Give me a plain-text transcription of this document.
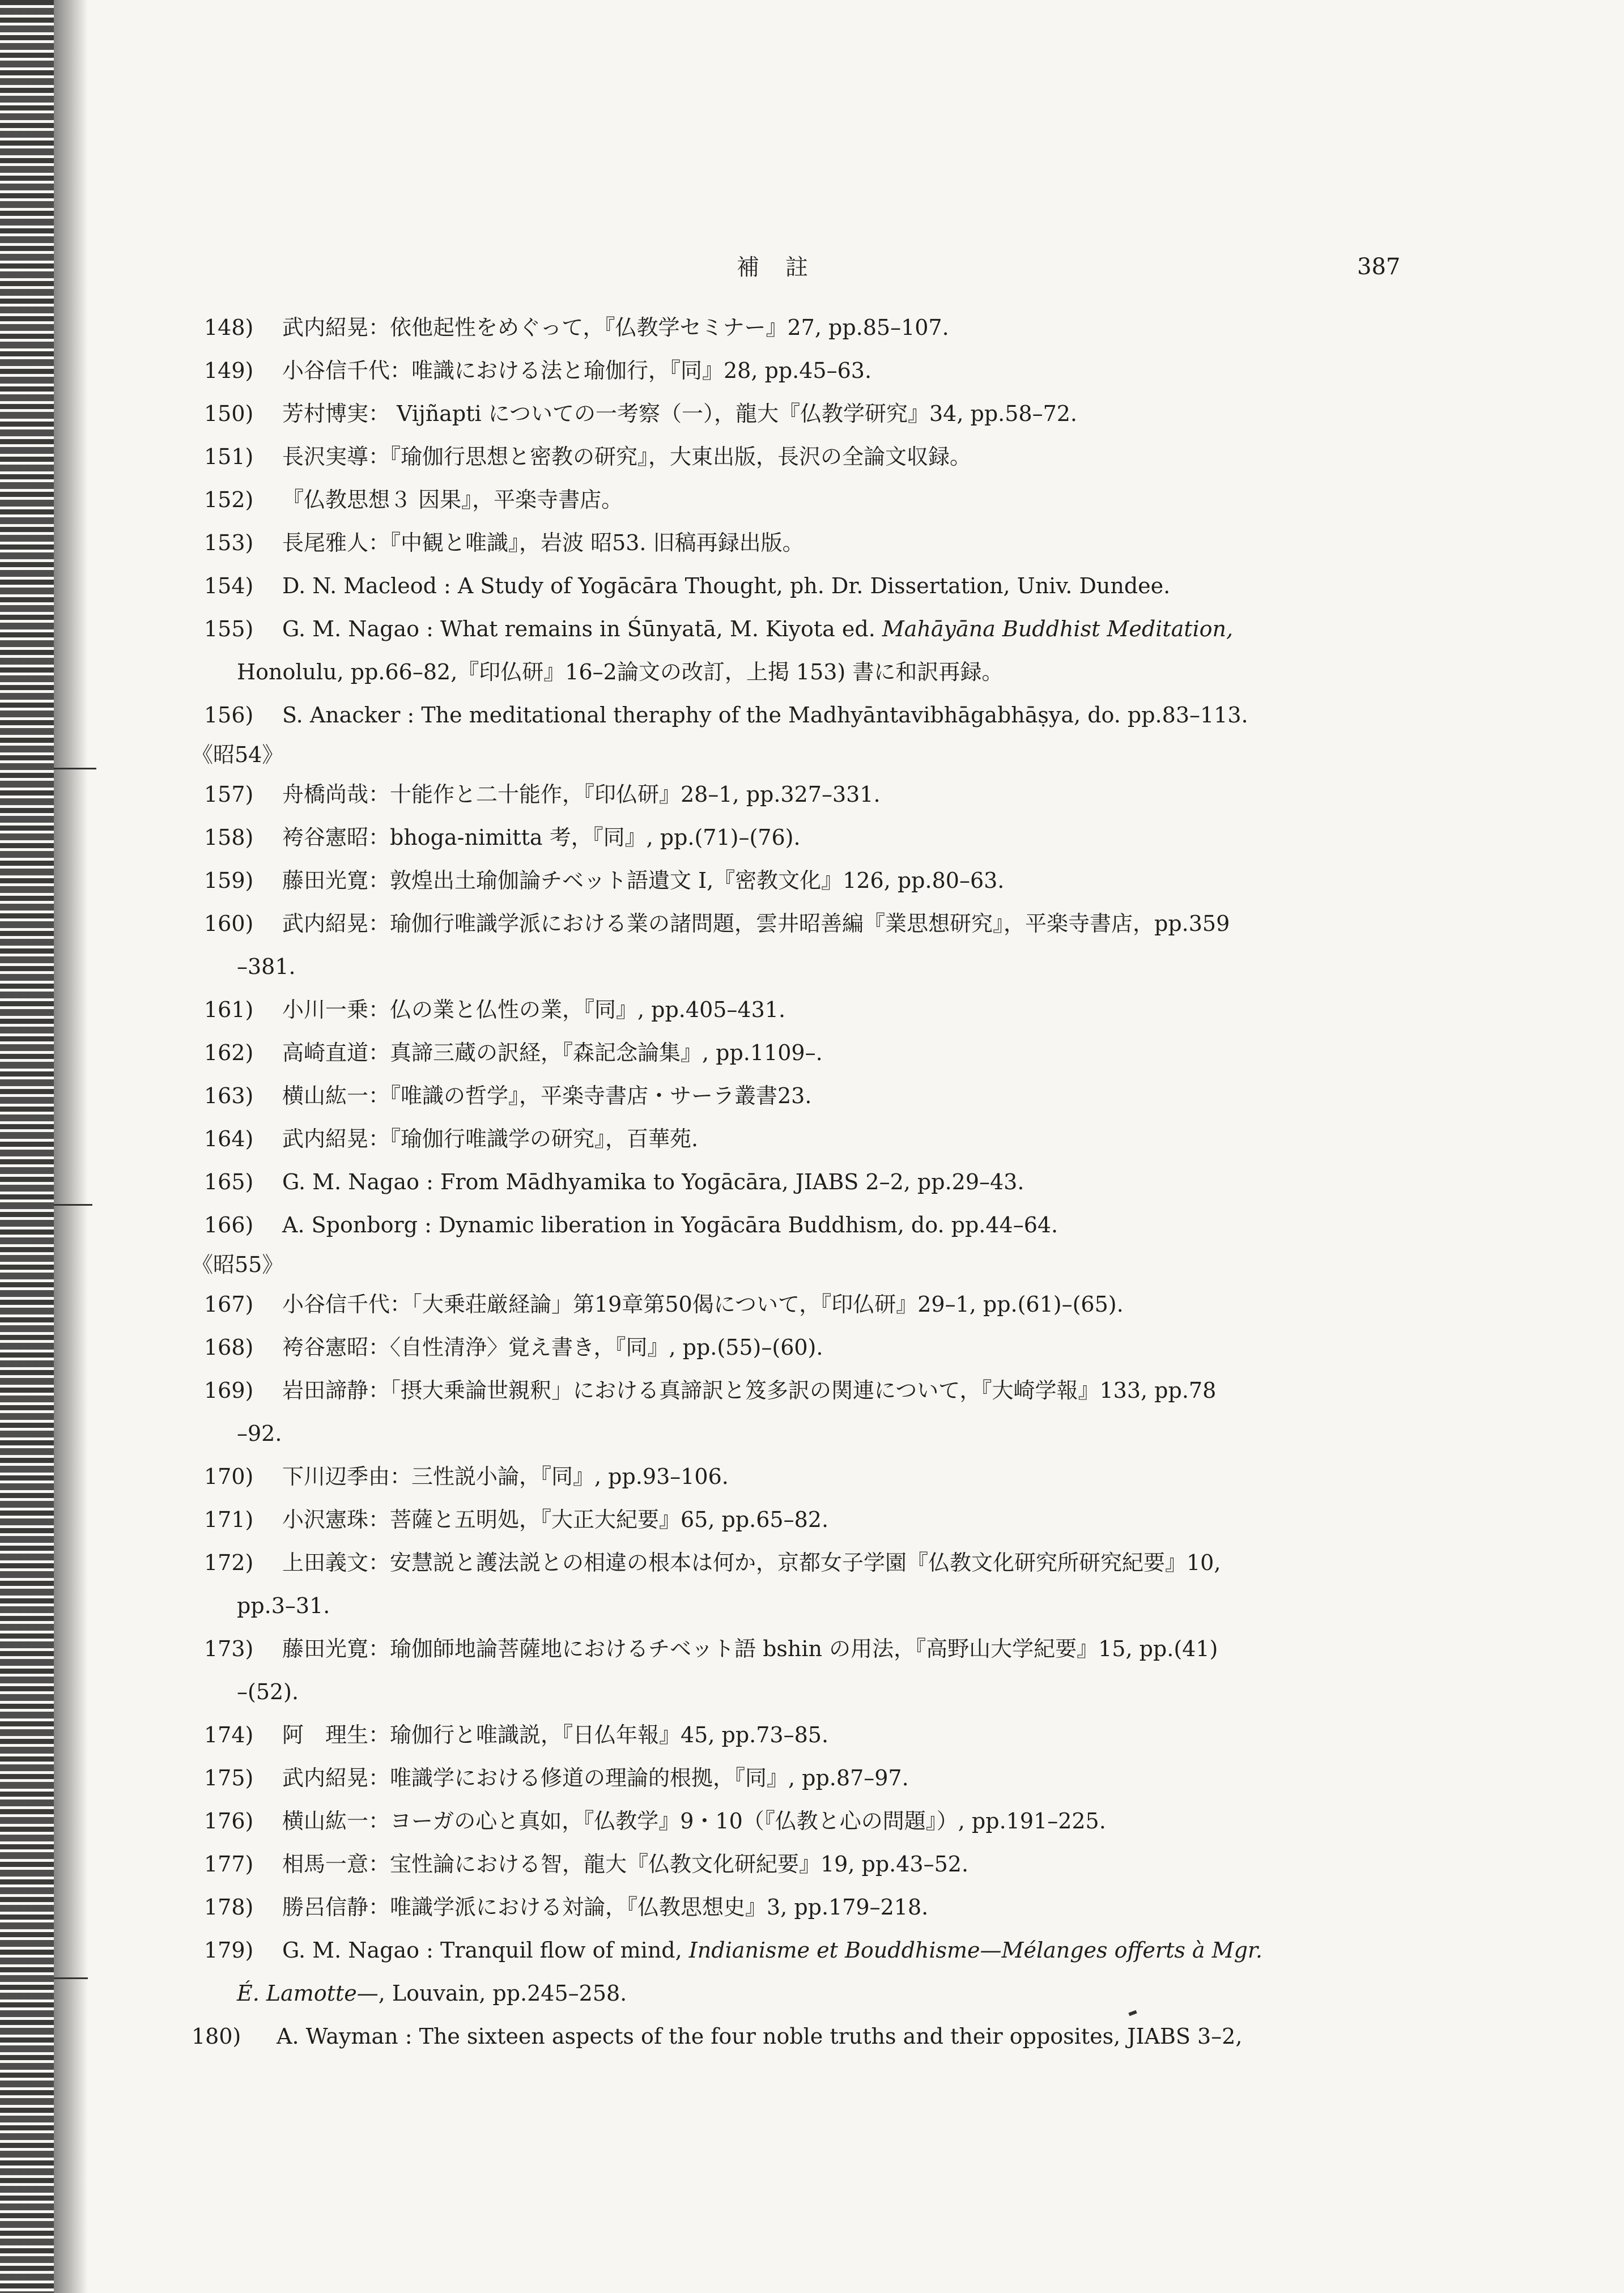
補註	387
148) 武内紹晃：依他起性をめぐって，『仏教学セミナー』27, pp.85–107.
149) 小谷信千代：唯識における法と瑜伽行，『同』28, pp.45–63.
150) 芳村博実： Vijñapti についての一考察（一），龍大『仏教学研究』34, pp.58–72.
151) 長沢実導：『瑜伽行思想と密教の研究』，大東出版，長沢の全論文収録。
152) 『仏教思想３ 因果』，平楽寺書店。
153) 長尾雅人：『中観と唯識』，岩波 昭53. 旧稿再録出版。
154) D. N. Macleod : A Study of Yogācāra Thought, ph. Dr. Dissertation, Univ. Dundee.
155) G. M. Nagao : What remains in Śūnyatā, M. Kiyota ed. Mahāyāna Buddhist Meditation,
Honolulu, pp.66–82,『印仏研』16–2論文の改訂，上掲 153) 書に和訳再録。
156) S. Anacker : The meditational theraphy of the Madhyāntavibhāgabhāṣya, do. pp.83–113.
《昭54》
157) 舟橋尚哉：十能作と二十能作，『印仏研』28–1, pp.327–331.
158) 袴谷憲昭：bhoga-nimitta 考，『同』, pp.(71)–(76).
159) 藤田光寛：敦煌出土瑜伽論チベット語遺文 I,『密教文化』126, pp.80–63.
160) 武内紹晃：瑜伽行唯識学派における業の諸問題，雲井昭善編『業思想研究』，平楽寺書店，pp.359
–381.
161) 小川一乗：仏の業と仏性の業，『同』, pp.405–431.
162) 高崎直道：真諦三蔵の訳経，『森記念論集』, pp.1109–.
163) 横山紘一：『唯識の哲学』，平楽寺書店・サーラ叢書23.
164) 武内紹晃：『瑜伽行唯識学の研究』，百華苑.
165) G. M. Nagao : From Mādhyamika to Yogācāra, JIABS 2–2, pp.29–43.
166) A. Sponborg : Dynamic liberation in Yogācāra Buddhism, do. pp.44–64.
《昭55》
167) 小谷信千代：「大乗荘厳経論」第19章第50偈について，『印仏研』29–1, pp.(61)–(65).
168) 袴谷憲昭：〈自性清浄〉覚え書き，『同』, pp.(55)–(60).
169) 岩田諦静：「摂大乗論世親釈」における真諦訳と笈多訳の関連について，『大崎学報』133, pp.78
–92.
170) 下川辺季由：三性説小論，『同』, pp.93–106.
171) 小沢憲珠：菩薩と五明処，『大正大紀要』65, pp.65–82.
172) 上田義文：安慧説と護法説との相違の根本は何か，京都女子学園『仏教文化研究所研究紀要』10,
pp.3–31.
173) 藤田光寛：瑜伽師地論菩薩地におけるチベット語 bshin の用法，『高野山大学紀要』15, pp.(41)
–(52).
174) 阿　理生：瑜伽行と唯識説，『日仏年報』45, pp.73–85.
175) 武内紹晃：唯識学における修道の理論的根拠，『同』, pp.87–97.
176) 横山紘一：ヨーガの心と真如，『仏教学』9・10（『仏教と心の問題』）, pp.191–225.
177) 相馬一意：宝性論における智，龍大『仏教文化研紀要』19, pp.43–52.
178) 勝呂信静：唯識学派における対論，『仏教思想史』3, pp.179–218.
179) G. M. Nagao : Tranquil flow of mind, Indianisme et Bouddhisme—Mélanges offerts à Mgr.
É. Lamotte—, Louvain, pp.245–258.
180) A. Wayman : The sixteen aspects of the four noble truths and their opposites, JIABS 3–2,
